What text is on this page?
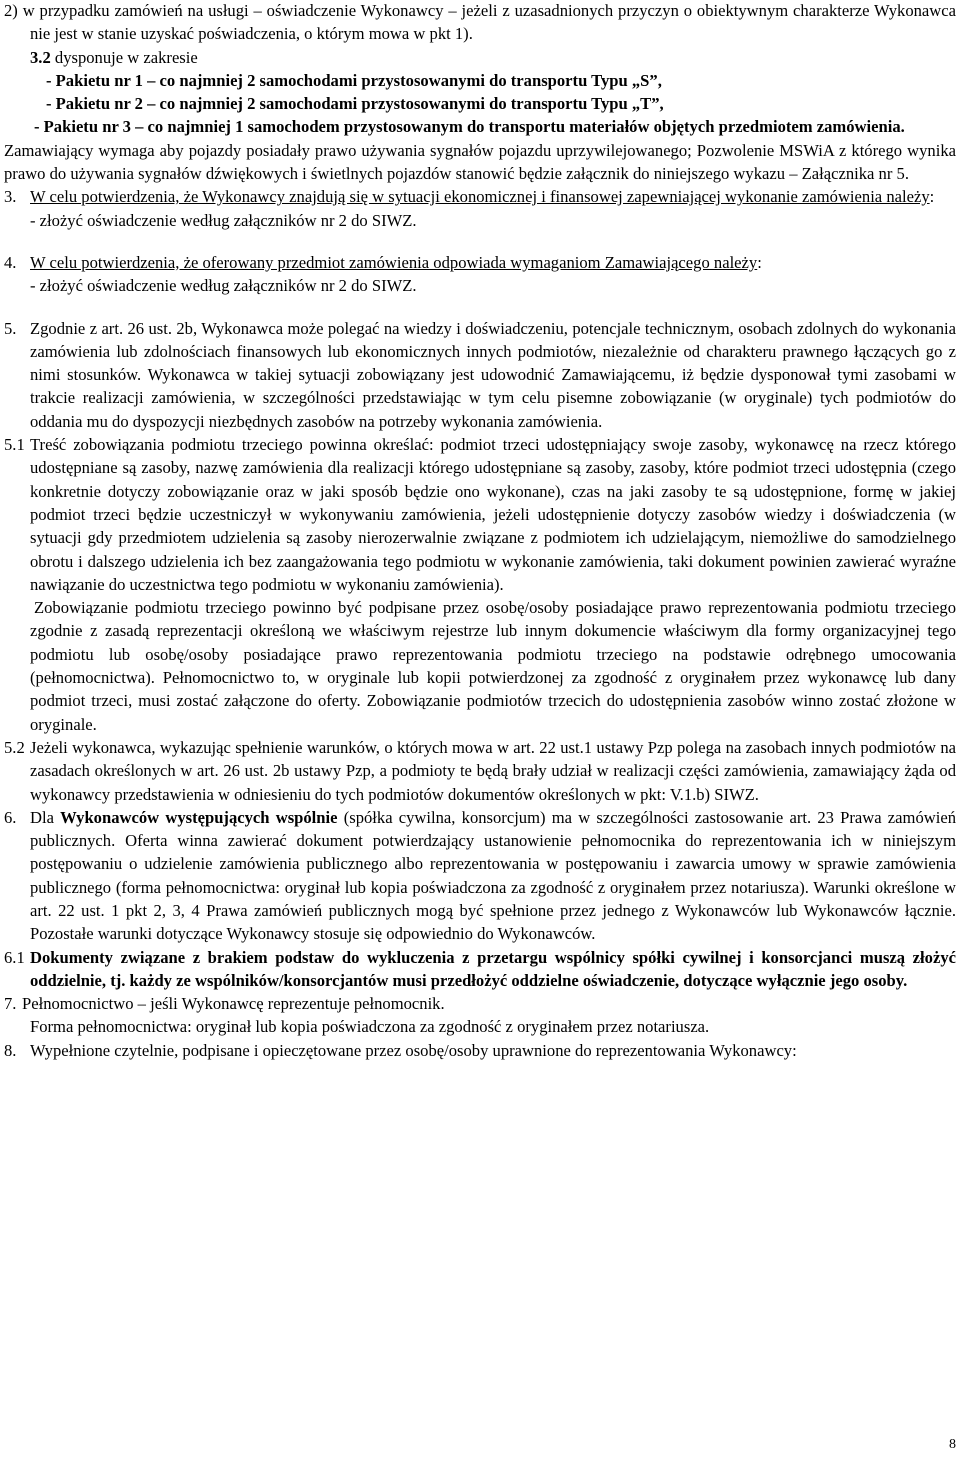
2) w przypadku zamówień na usługi – oświadczenie Wykonawcy – jeżeli z uzasadnionych przyczyn o obiektywnym charakterze Wykonawca nie jest w stanie uzyskać poświadczenia, o którym mowa w pkt 1).

3.2 dysponuje w zakresie

- Pakietu nr 1 – co najmniej 2 samochodami przystosowanymi do transportu Typu „S”,

- Pakietu nr 2 – co najmniej 2 samochodami przystosowanymi do transportu Typu „T”,

- Pakietu nr 3 – co najmniej 1 samochodem przystosowanym do transportu materiałów objętych przedmiotem zamówienia.

Zamawiający wymaga aby pojazdy posiadały prawo używania sygnałów pojazdu uprzywilejowanego; Pozwolenie MSWiA z którego wynika prawo do używania sygnałów dźwiękowych i świetlnych pojazdów stanowić będzie załącznik do niniejszego wykazu – Załącznika nr 5.

3. W celu potwierdzenia, że Wykonawcy znajdują się w sytuacji ekonomicznej i finansowej zapewniającej wykonanie zamówienia należy:

- złożyć oświadczenie według załączników nr 2 do SIWZ.

4. W celu potwierdzenia, że oferowany przedmiot zamówienia odpowiada wymaganiom Zamawiającego należy:

- złożyć oświadczenie według załączników nr 2 do SIWZ.

5. Zgodnie z art. 26 ust. 2b, Wykonawca może polegać na wiedzy i doświadczeniu, potencjale technicznym, osobach zdolnych do wykonania zamówienia lub zdolnościach finansowych lub ekonomicznych innych podmiotów, niezależnie od charakteru prawnego łączących go z nimi stosunków. Wykonawca w takiej sytuacji zobowiązany jest udowodnić Zamawiającemu, iż będzie dysponował tymi zasobami w trakcie realizacji zamówienia, w szczególności przedstawiając w tym celu pisemne zobowiązanie (w oryginale) tych podmiotów do oddania mu do dyspozycji niezbędnych zasobów na potrzeby wykonania zamówienia.

5.1 Treść zobowiązania podmiotu trzeciego powinna określać: podmiot trzeci udostępniający swoje zasoby, wykonawcę na rzecz którego udostępniane są zasoby, nazwę zamówienia dla realizacji którego udostępniane są zasoby, zasoby, które podmiot trzeci udostępnia (czego konkretnie dotyczy zobowiązanie oraz w jaki sposób będzie ono wykonane), czas na jaki zasoby te są udostępnione, formę w jakiej podmiot trzeci będzie uczestniczył w wykonywaniu zamówienia, jeżeli udostępnienie dotyczy zasobów wiedzy i doświadczenia (w sytuacji gdy przedmiotem udzielenia są zasoby nierozerwalnie związane z podmiotem ich udzielającym, niemożliwe do samodzielnego obrotu i dalszego udzielenia ich bez zaangażowania tego podmiotu w wykonanie zamówienia, taki dokument powinien zawierać wyraźne nawiązanie do uczestnictwa tego podmiotu w wykonaniu zamówienia).

Zobowiązanie podmiotu trzeciego powinno być podpisane przez osobę/osoby posiadające prawo reprezentowania podmiotu trzeciego zgodnie z zasadą reprezentacji określoną we właściwym rejestrze lub innym dokumencie właściwym dla formy organizacyjnej tego podmiotu lub osobę/osoby posiadające prawo reprezentowania podmiotu trzeciego na podstawie odrębnego umocowania (pełnomocnictwa). Pełnomocnictwo to, w oryginale lub kopii potwierdzonej za zgodność z oryginałem przez wykonawcę lub dany podmiot trzeci, musi zostać załączone do oferty. Zobowiązanie podmiotów trzecich do udostępnienia zasobów winno zostać złożone w oryginale.

5.2 Jeżeli wykonawca, wykazując spełnienie warunków, o których mowa w art. 22 ust.1 ustawy Pzp polega na zasobach innych podmiotów na zasadach określonych w art. 26 ust. 2b ustawy Pzp, a podmioty te będą brały udział w realizacji części zamówienia, zamawiający żąda od wykonawcy przedstawienia w odniesieniu do tych podmiotów dokumentów określonych w pkt: V.1.b) SIWZ.

6. Dla Wykonawców występujących wspólnie (spółka cywilna, konsorcjum) ma w szczególności zastosowanie art. 23 Prawa zamówień publicznych. Oferta winna zawierać dokument potwierdzający ustanowienie pełnomocnika do reprezentowania ich w niniejszym postępowaniu o udzielenie zamówienia publicznego albo reprezentowania w postępowaniu i zawarcia umowy w sprawie zamówienia publicznego (forma pełnomocnictwa: oryginał lub kopia poświadczona za zgodność z oryginałem przez notariusza). Warunki określone w art. 22 ust. 1 pkt 2, 3, 4 Prawa zamówień publicznych mogą być spełnione przez jednego z Wykonawców lub Wykonawców łącznie. Pozostałe warunki dotyczące Wykonawcy stosuje się odpowiednio do Wykonawców.

6.1 Dokumenty związane z brakiem podstaw do wykluczenia z przetargu wspólnicy spółki cywilnej i konsorcjanci muszą złożyć oddzielnie, tj. każdy ze wspólników/konsorcjantów musi przedłożyć oddzielne oświadczenie, dotyczące wyłącznie jego osoby.

7. Pełnomocnictwo – jeśli Wykonawcę reprezentuje pełnomocnik.

Forma pełnomocnictwa: oryginał lub kopia poświadczona za zgodność z oryginałem przez notariusza.

8. Wypełnione czytelnie, podpisane i opieczętowane przez osobę/osoby uprawnione do reprezentowania Wykonawcy:

8
